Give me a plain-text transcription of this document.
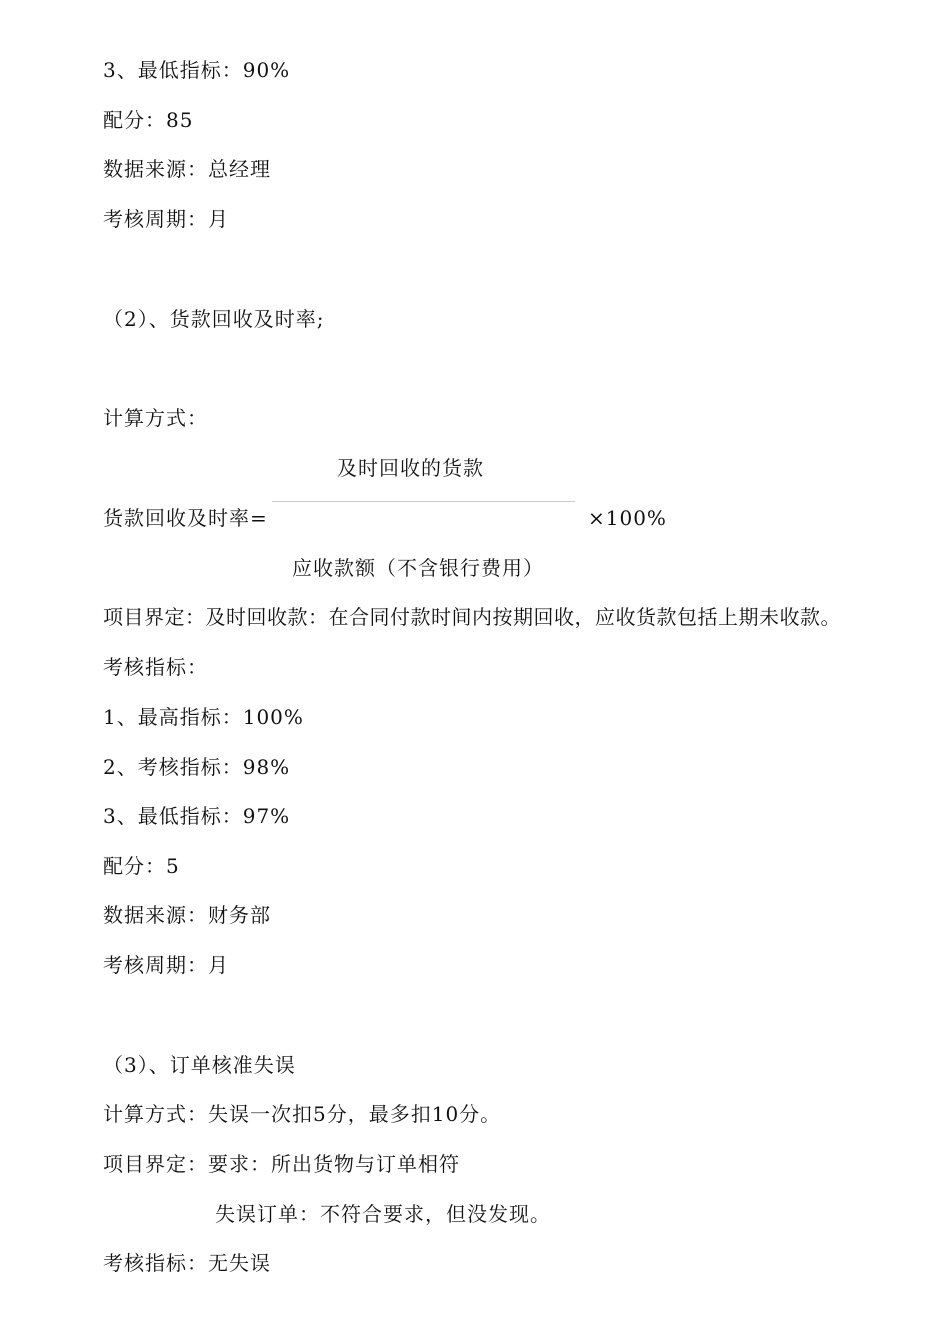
3、最低指标：90%
配分：85
数据来源：总经理
考核周期：月
（2）、货款回收及时率;
计算方式：
及时回收的货款
货款回收及时率=	×100%
应收款额（不含银行费用）
项目界定：及时回收款：在合同付款时间内按期回收，应收货款包括上期未收款。
考核指标：
1、最高指标：100%
2、考核指标：98%
3、最低指标：97%
配分：5
数据来源：财务部
考核周期：月
（3）、订单核准失误
计算方式：失误一次扣5分，最多扣10分。
项目界定：要求：所出货物与订单相符
失误订单：不符合要求，但没发现。
考核指标：无失误
